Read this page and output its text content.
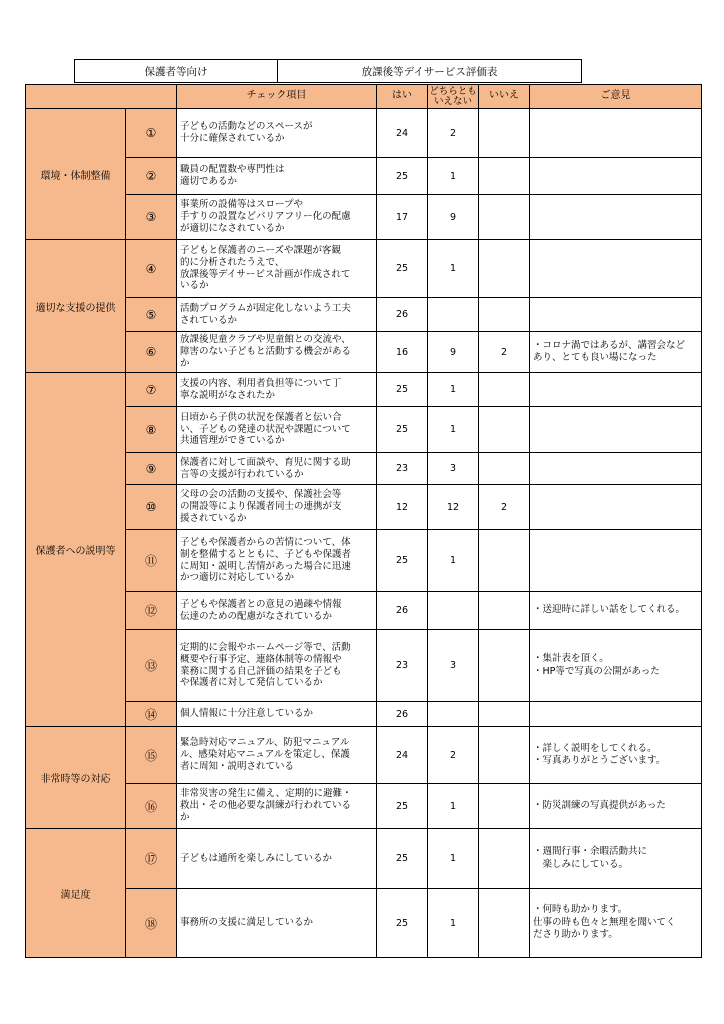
保護者等向け	放課後等デイサービス評価表
		チェック項目	はい	どちらとも
いえない	いいえ	ご意見
環境・体制整備	①	子どもの活動などのスペースが
十分に確保されているか	24	2		

	②	職員の配置数や専門性は
適切であるか	25	1		

	③	事業所の設備等はスロープや
手すりの設置などバリアフリー化の配慮
が適切になされているか	17	9		

適切な支援の提供	④	子どもと保護者のニーズや課題が客観
的に分析されたうえで、
放課後等デイサービス計画が作成されて
いるか	25	1		

	⑤	活動プログラムが固定化しないよう工夫
されているか	26			

	⑥	放課後児童クラブや児童館との交流や、
障害のない子どもと活動する機会がある
か	16	9	2	・コロナ渦ではあるが、講習会など
あり、とても良い場になった

保護者への説明等	⑦	支援の内容、利用者負担等について丁
寧な説明がなされたか	25	1		

	⑧	日頃から子供の状況を保護者と伝い合
い、子どもの発達の状況や課題について
共通管理ができているか	25	1		

	⑨	保護者に対して面談や、育児に関する助
言等の支援が行われているか	23	3		

	⑩	父母の会の活動の支援や、保護社会等
の開設等により保護者同士の連携が支
援されているか	12	12	2	

	⑪	子どもや保護者からの苦情について、体
制を整備するとともに、子どもや保護者
に周知・説明し苦情があった場合に迅速
かつ適切に対応しているか	25	1		

	⑫	子どもや保護者との意見の過疎や情報
伝達のための配慮がなされているか	26			・送迎時に詳しい話をしてくれる。

	⑬	定期的に会報やホームページ等で、活動
概要や行事予定、連絡体制等の情報や
業務に関する自己評価の結果を子ども
や保護者に対して発信しているか	23	3		・集計表を頂く。
・HP等で写真の公開があった

	⑭	個人情報に十分注意しているか	26			

非常時等の対応	⑮	緊急時対応マニュアル、防犯マニュアル
ル、感染対応マニュアルを策定し、保護
者に周知・説明されている	24	2		・詳しく説明をしてくれる。
・写真ありがとうございます。

	⑯	非常災害の発生に備え、定期的に避難・
救出・その他必要な訓練が行われている
か	25	1		・防災訓練の写真提供があった

満足度	⑰	子どもは通所を楽しみにしているか	25	1		・週間行事・余暇活動共に
　楽しみにしている。

	⑱	事務所の支援に満足しているか	25	1		・何時も助かります。
仕事の時も色々と無理を聞いてく
ださり助かります。
